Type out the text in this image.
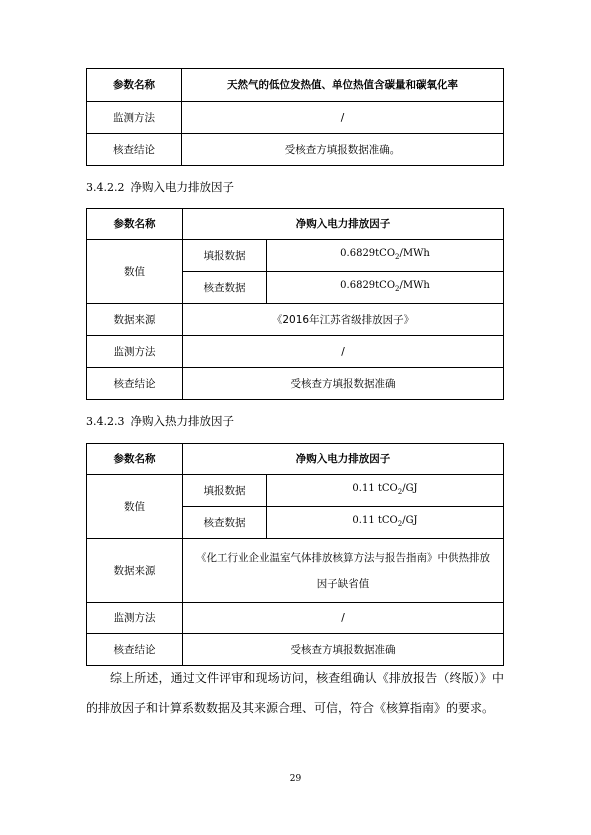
参数名称	天然气的低位发热值、单位热值含碳量和碳氧化率
监测方法	/
核查结论	受核查方填报数据准确。
3.4.2.2 净购入电力排放因子
参数名称	净购入电力排放因子	
数值	填报数据	0.6829tCO$_2$/MWh
	核查数据	0.6829tCO$_2$/MWh
数据来源	《2016年江苏省级排放因子》	
监测方法	/	
核查结论	受核查方填报数据准确	
3.4.2.3 净购入热力排放因子
参数名称	净购入电力排放因子	
数值	填报数据	0.11 tCO$_2$/GJ
	核查数据	0.11 tCO$_2$/GJ
数据来源	《化工行业企业温室气体排放核算方法与报告指南》中供热排放因子缺省值	
监测方法	/	
核查结论	受核查方填报数据准确	

综上所述，通过文件评审和现场访问，核查组确认《排放报告（终版）》中的排放因子和计算系数数据及其来源合理、可信，符合《核算指南》的要求。

29
